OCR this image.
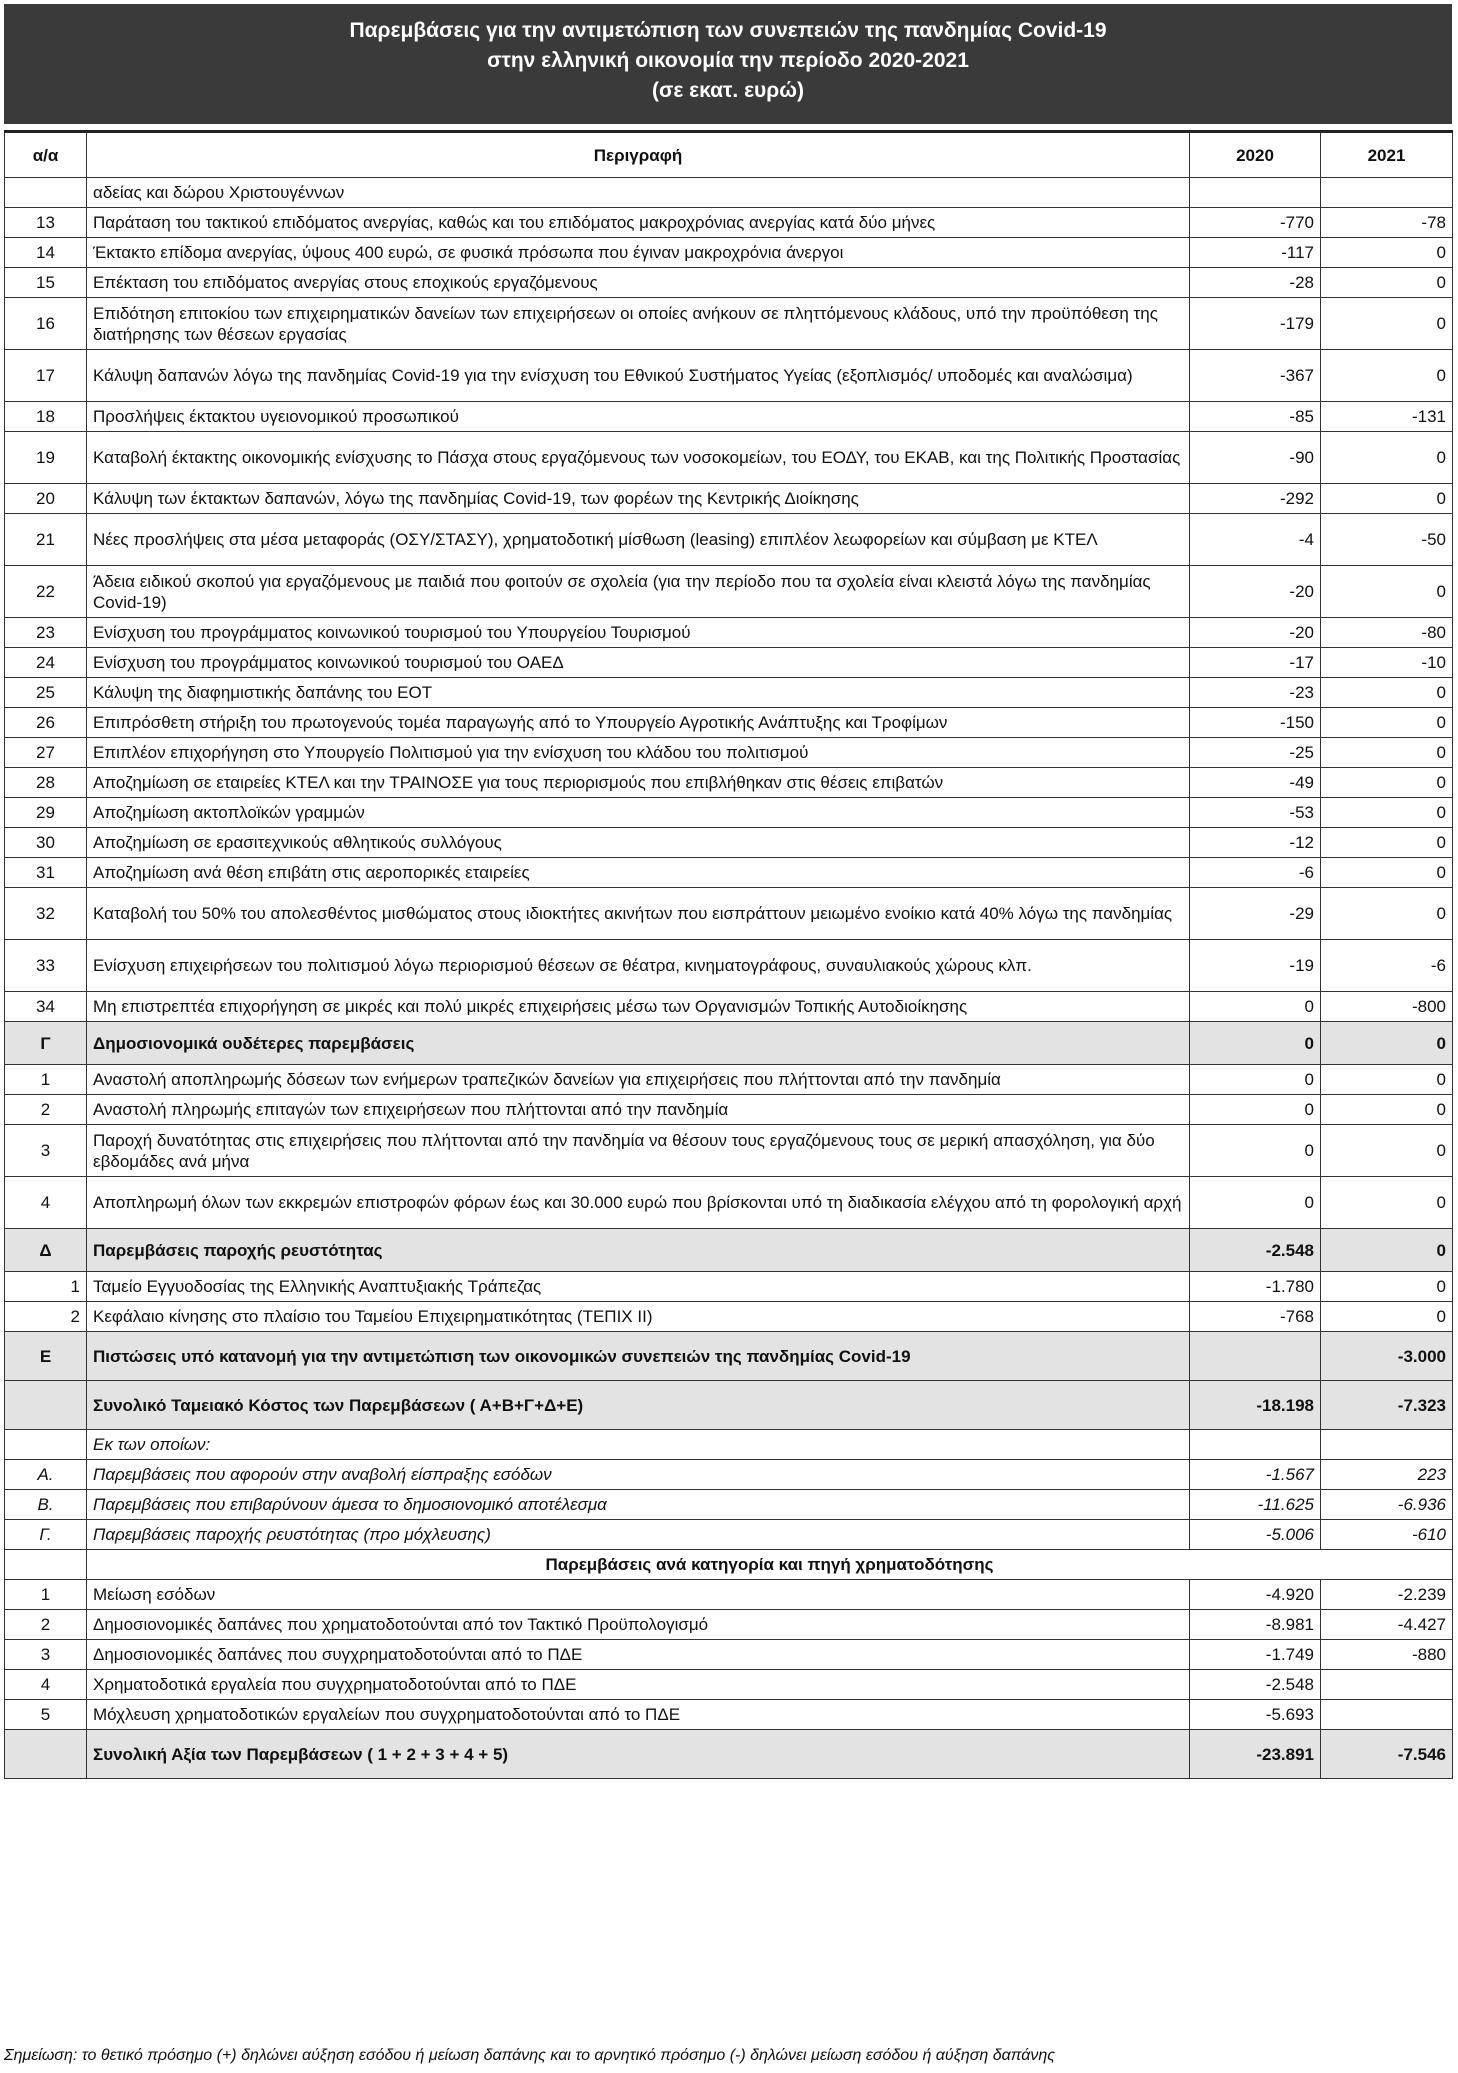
Παρεμβάσεις για την αντιμετώπιση των συνεπειών της πανδημίας Covid-19
στην ελληνική οικονομία την περίοδο 2020-2021
(σε εκατ. ευρώ)
α/α	Περιγραφή	2020	2021
	αδείας και δώρου Χριστουγέννων		
13	Παράταση του τακτικού επιδόματος ανεργίας, καθώς και του επιδόματος μακροχρόνιας ανεργίας κατά δύο μήνες	-770	-78
14	Έκτακτο επίδομα ανεργίας, ύψους 400 ευρώ, σε φυσικά πρόσωπα που έγιναν μακροχρόνια άνεργοι	-117	0
15	Επέκταση του επιδόματος ανεργίας στους εποχικούς εργαζόμενους	-28	0
16	Επιδότηση επιτοκίου των επιχειρηματικών δανείων των επιχειρήσεων οι οποίες ανήκουν σε πληττόμενους κλάδους, υπό την προϋπόθεση της διατήρησης των θέσεων εργασίας	-179	0
17	Κάλυψη δαπανών λόγω της πανδημίας Covid-19 για την ενίσχυση του Εθνικού Συστήματος Υγείας (εξοπλισμός/ υποδομές και αναλώσιμα)	-367	0
18	Προσλήψεις έκτακτου υγειονομικού προσωπικού	-85	-131
19	Καταβολή έκτακτης οικονομικής ενίσχυσης το Πάσχα στους εργαζόμενους των νοσοκομείων, του ΕΟΔΥ, του ΕΚΑΒ, και της Πολιτικής Προστασίας	-90	0
20	Κάλυψη των έκτακτων δαπανών, λόγω της πανδημίας Covid-19, των φορέων της Κεντρικής Διοίκησης	-292	0
21	Νέες προσλήψεις στα μέσα μεταφοράς (ΟΣΥ/ΣΤΑΣΥ), χρηματοδοτική μίσθωση (leasing) επιπλέον λεωφορείων και σύμβαση με ΚΤΕΛ	-4	-50
22	Άδεια ειδικού σκοπού για εργαζόμενους με παιδιά που φοιτούν σε σχολεία (για την περίοδο που τα σχολεία είναι κλειστά λόγω της πανδημίας Covid-19)	-20	0
23	Ενίσχυση του προγράμματος κοινωνικού τουρισμού του Υπουργείου Τουρισμού	-20	-80
24	Ενίσχυση του προγράμματος κοινωνικού τουρισμού του ΟΑΕΔ	-17	-10
25	Κάλυψη της διαφημιστικής δαπάνης του ΕΟΤ	-23	0
26	Επιπρόσθετη στήριξη του πρωτογενούς τομέα παραγωγής από το Υπουργείο Αγροτικής Ανάπτυξης και Τροφίμων	-150	0
27	Επιπλέον επιχορήγηση στο Υπουργείο Πολιτισμού για την ενίσχυση του κλάδου του πολιτισμού	-25	0
28	Αποζημίωση σε εταιρείες ΚΤΕΛ και την ΤΡΑΙΝΟΣΕ για τους περιορισμούς που επιβλήθηκαν στις θέσεις επιβατών	-49	0
29	Αποζημίωση ακτοπλοϊκών γραμμών	-53	0
30	Αποζημίωση σε ερασιτεχνικούς αθλητικούς συλλόγους	-12	0
31	Αποζημίωση ανά θέση επιβάτη στις αεροπορικές εταιρείες	-6	0
32	Καταβολή του 50% του απολεσθέντος μισθώματος στους ιδιοκτήτες ακινήτων που εισπράττουν μειωμένο ενοίκιο κατά 40% λόγω της πανδημίας	-29	0
33	Ενίσχυση επιχειρήσεων του πολιτισμού λόγω περιορισμού θέσεων σε θέατρα, κινηματογράφους, συναυλιακούς χώρους κλπ.	-19	-6
34	Μη επιστρεπτέα επιχορήγηση σε μικρές και πολύ μικρές επιχειρήσεις μέσω των Οργανισμών Τοπικής Αυτοδιοίκησης	0	-800
Γ	Δημοσιονομικά ουδέτερες παρεμβάσεις	0	0
1	Αναστολή αποπληρωμής δόσεων των ενήμερων τραπεζικών δανείων για επιχειρήσεις που πλήττονται από την πανδημία	0	0
2	Αναστολή πληρωμής επιταγών των επιχειρήσεων που πλήττονται από την πανδημία	0	0
3	Παροχή δυνατότητας στις επιχειρήσεις που πλήττονται από την πανδημία να θέσουν τους εργαζόμενους τους σε μερική απασχόληση, για δύο εβδομάδες ανά μήνα	0	0
4	Αποπληρωμή όλων των εκκρεμών επιστροφών φόρων έως και 30.000 ευρώ που βρίσκονται υπό τη διαδικασία ελέγχου από τη φορολογική αρχή	0	0
Δ	Παρεμβάσεις παροχής ρευστότητας	-2.548	0
1	Ταμείο Εγγυοδοσίας της Ελληνικής Αναπτυξιακής Τράπεζας	-1.780	0
2	Κεφάλαιο κίνησης στο πλαίσιο του Ταμείου Επιχειρηματικότητας (ΤΕΠΙΧ ΙΙ)	-768	0
Ε	Πιστώσεις υπό κατανομή για την αντιμετώπιση των οικονομικών συνεπειών της πανδημίας Covid-19		-3.000
	Συνολικό Ταμειακό Κόστος των Παρεμβάσεων ( Α+Β+Γ+Δ+Ε)	-18.198	-7.323
	Εκ των οποίων:		
Α.	Παρεμβάσεις που αφορούν στην αναβολή είσπραξης εσόδων	-1.567	223
Β.	Παρεμβάσεις που επιβαρύνουν άμεσα το δημοσιονομικό αποτέλεσμα	-11.625	-6.936
Γ.	Παρεμβάσεις παροχής ρευστότητας (προ μόχλευσης)	-5.006	-610
	Παρεμβάσεις ανά κατηγορία και πηγή χρηματοδότησης		
1	Μείωση εσόδων	-4.920	-2.239
2	Δημοσιονομικές δαπάνες που χρηματοδοτούνται από τον Τακτικό Προϋπολογισμό	-8.981	-4.427
3	Δημοσιονομικές δαπάνες που συγχρηματοδοτούνται από το ΠΔΕ	-1.749	-880
4	Χρηματοδοτικά εργαλεία που συγχρηματοδοτούνται από το ΠΔΕ	-2.548	
5	Μόχλευση χρηματοδοτικών εργαλείων που συγχρηματοδοτούνται από το ΠΔΕ	-5.693	
	Συνολική Αξία των Παρεμβάσεων ( 1 + 2 + 3 + 4 + 5)	-23.891	-7.546
Σημείωση: το θετικό πρόσημο (+) δηλώνει αύξηση εσόδου ή μείωση δαπάνης και το αρνητικό πρόσημο (-) δηλώνει μείωση εσόδου ή αύξηση δαπάνης
